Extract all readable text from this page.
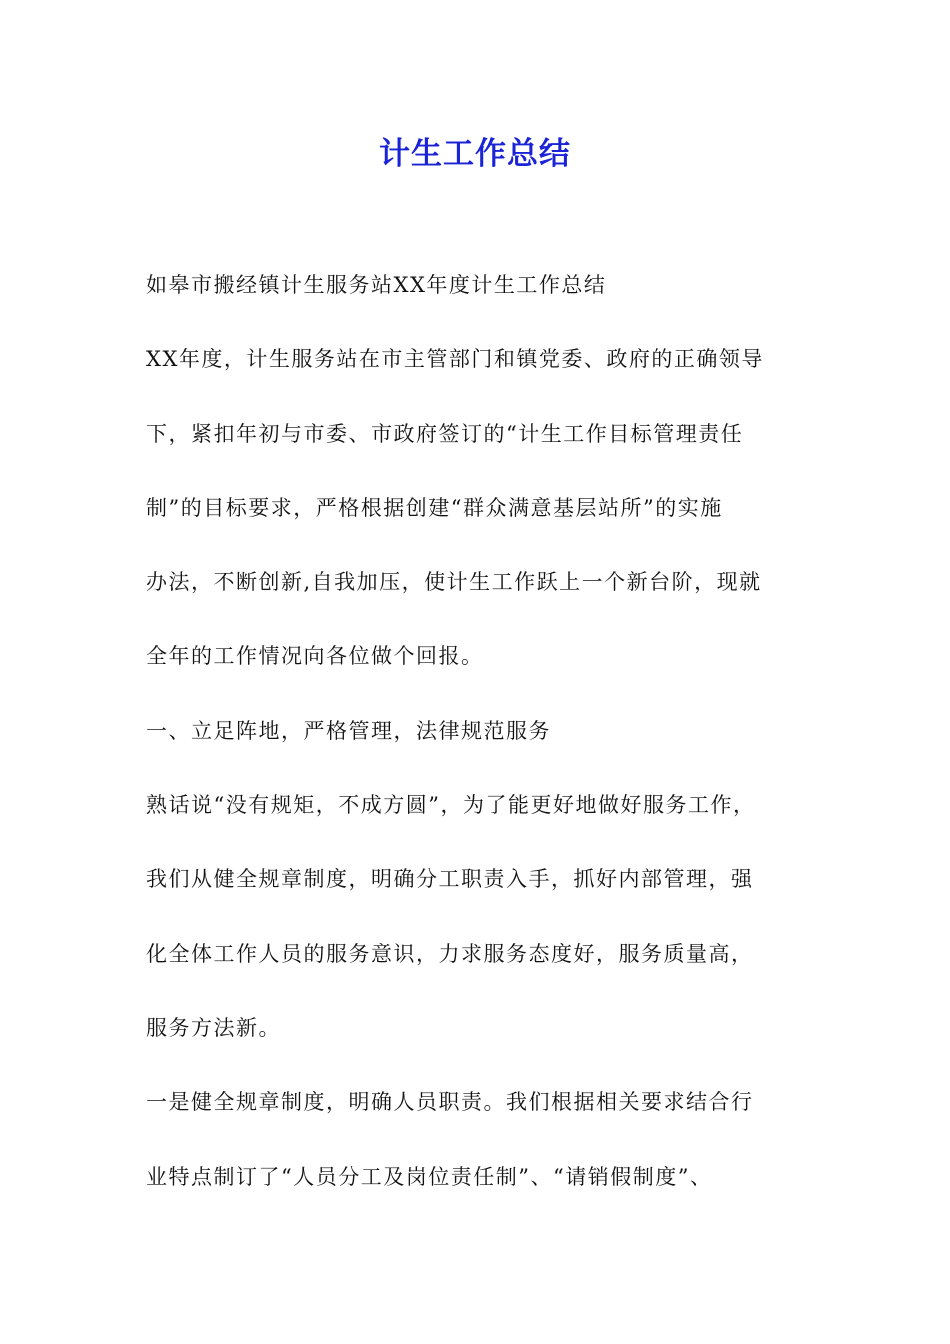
计生工作总结
如皋市搬经镇计生服务站XX年度计生工作总结
XX年度，计生服务站在市主管部门和镇党委、政府的正确领导
下，紧扣年初与市委、市政府签订的“计生工作目标管理责任
制”的目标要求，严格根据创建“群众满意基层站所”的实施
办法，不断创新,自我加压，使计生工作跃上一个新台阶，现就
全年的工作情况向各位做个回报。
一、立足阵地，严格管理，法律规范服务
熟话说“没有规矩，不成方圆”，为了能更好地做好服务工作，
我们从健全规章制度，明确分工职责入手，抓好内部管理，强
化全体工作人员的服务意识，力求服务态度好，服务质量高，
服务方法新。
一是健全规章制度，明确人员职责。我们根据相关要求结合行
业特点制订了“人员分工及岗位责任制”、“请销假制度”、
